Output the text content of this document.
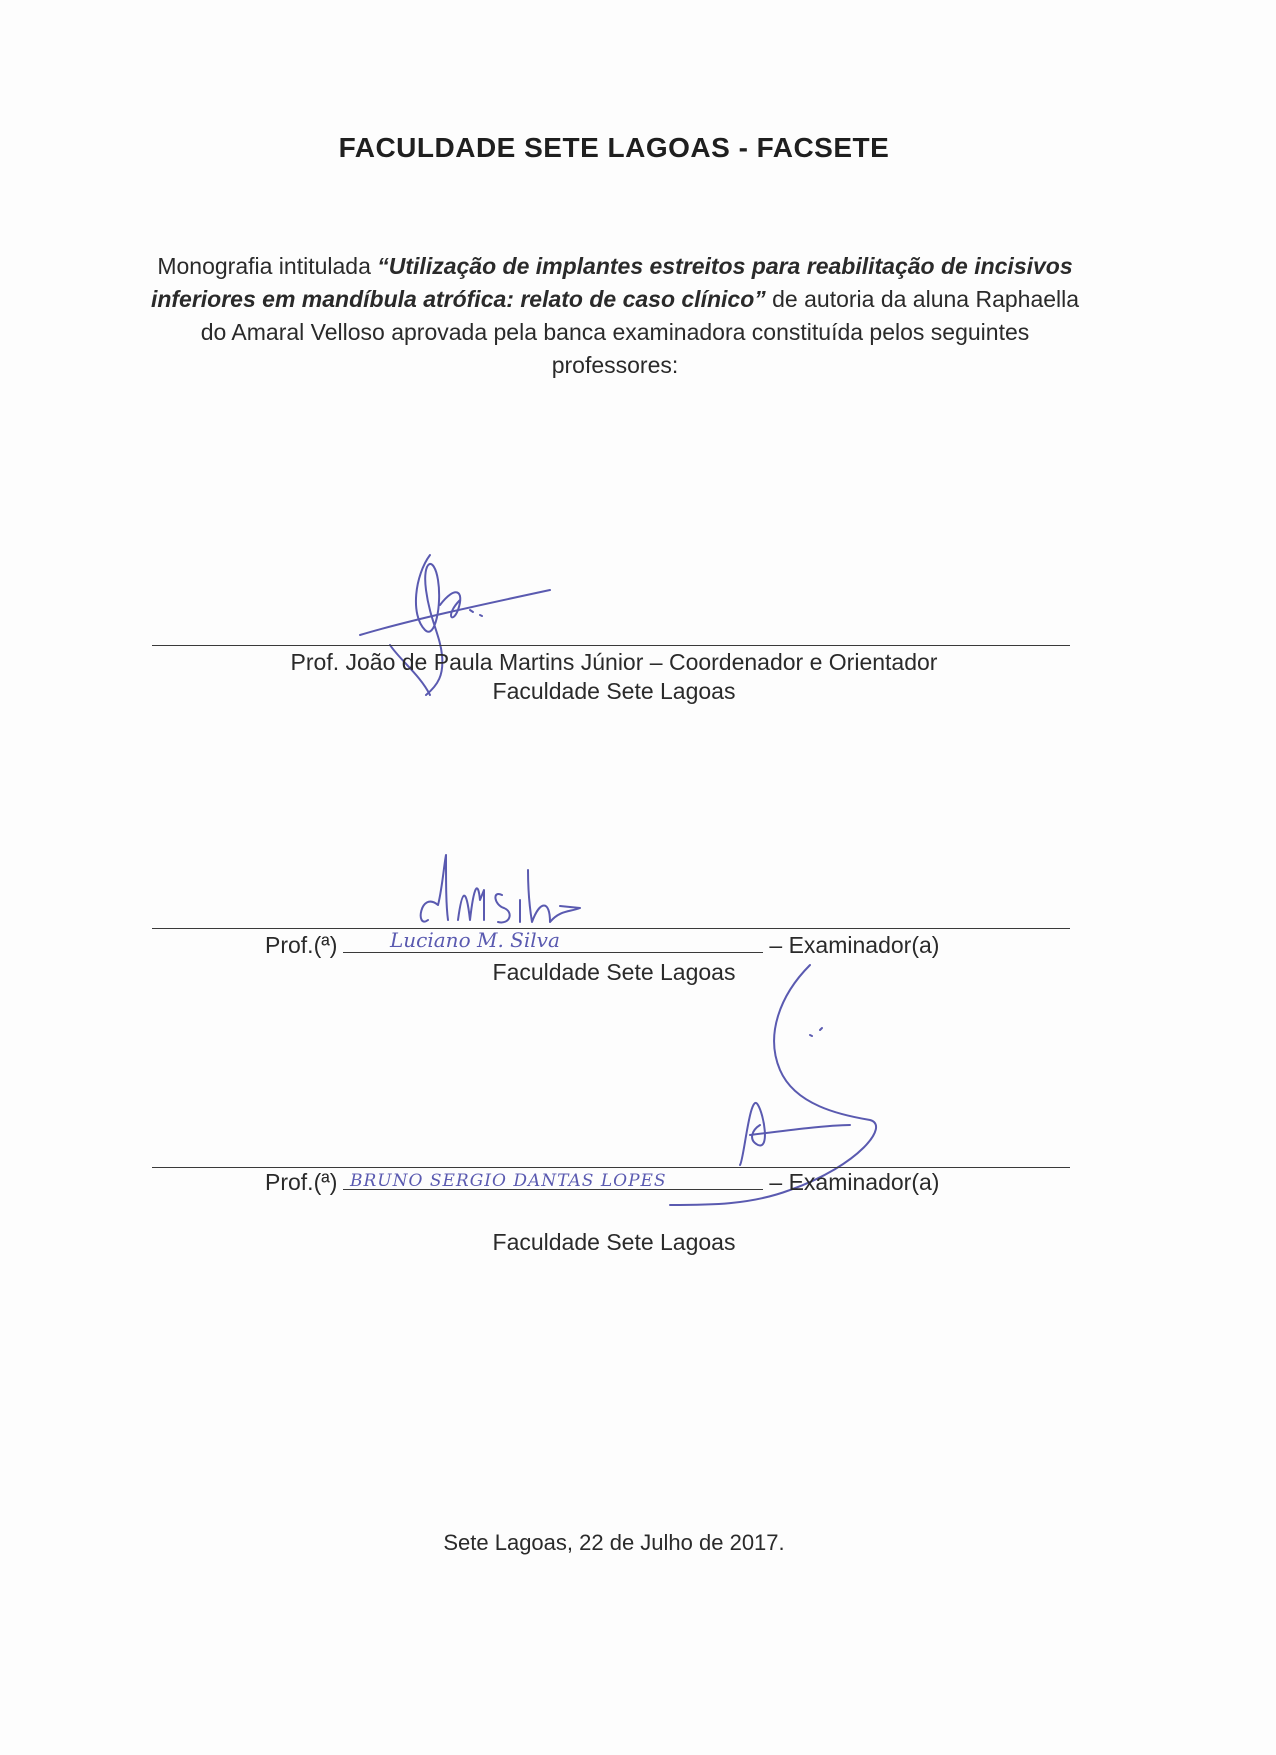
FACULDADE SETE LAGOAS - FACSETE
Monografia intitulada “Utilização de implantes estreitos para reabilitação de incisivos inferiores em mandíbula atrófica: relato de caso clínico” de autoria da aluna Raphaella do Amaral Velloso aprovada pela banca examinadora constituída pelos seguintes professores:
Prof. João de Paula Martins Júnior – Coordenador e Orientador
Faculdade Sete Lagoas
Prof.(ª)	– Examinador(a)
Faculdade Sete Lagoas
Luciano M. Silva
Prof.(ª)	– Examinador(a)
BRUNO SERGIO DANTAS LOPES
Faculdade Sete Lagoas
Sete Lagoas, 22 de Julho de 2017.
